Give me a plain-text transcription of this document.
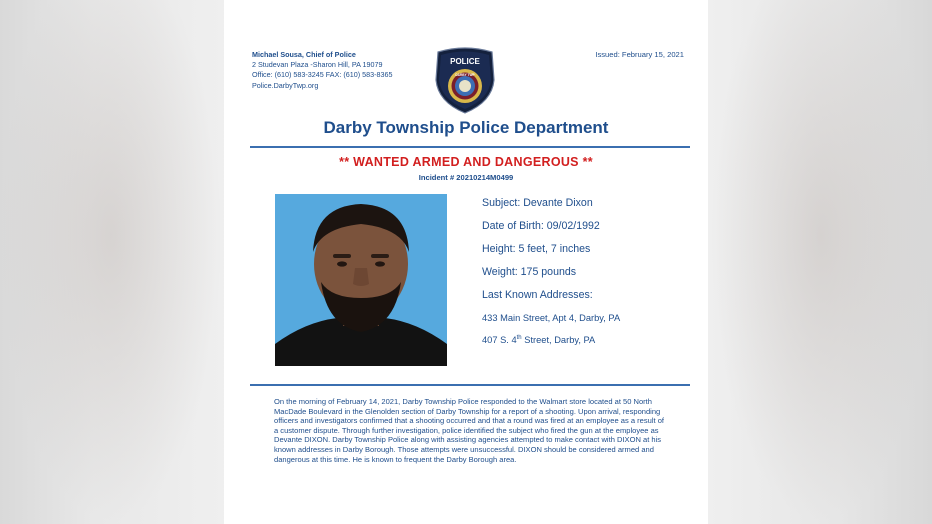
Michael Sousa, Chief of Police
2 Studevan Plaza -Sharon Hill, PA 19079
Office: (610) 583-3245 FAX: (610) 583-8365
Police.DarbyTwp.org
POLICE
DARBY TWP
Issued: February 15, 2021
Darby Township Police Department
** WANTED ARMED AND DANGEROUS **
Incident # 20210214M0499
Subject: Devante Dixon
Date of Birth: 09/02/1992
Height: 5 feet, 7 inches
Weight: 175 pounds
Last Known Addresses:
433 Main Street, Apt 4, Darby, PA
407 S. 4th Street, Darby, PA
On the morning of February 14, 2021, Darby Township Police responded to the Walmart store located at 50 North MacDade Boulevard in the Glenolden section of Darby Township for a report of a shooting. Upon arrival, responding officers and investigators confirmed that a shooting occurred and that a round was fired at an employee as a result of a customer dispute. Through further investigation, police identified the subject who fired the gun at the employee as Devante DIXON. Darby Township Police along with assisting agencies attempted to make contact with DIXON at his known addresses in Darby Borough. Those attempts were unsuccessful. DIXON should be considered armed and dangerous at this time. He is known to frequent the Darby Borough area.
